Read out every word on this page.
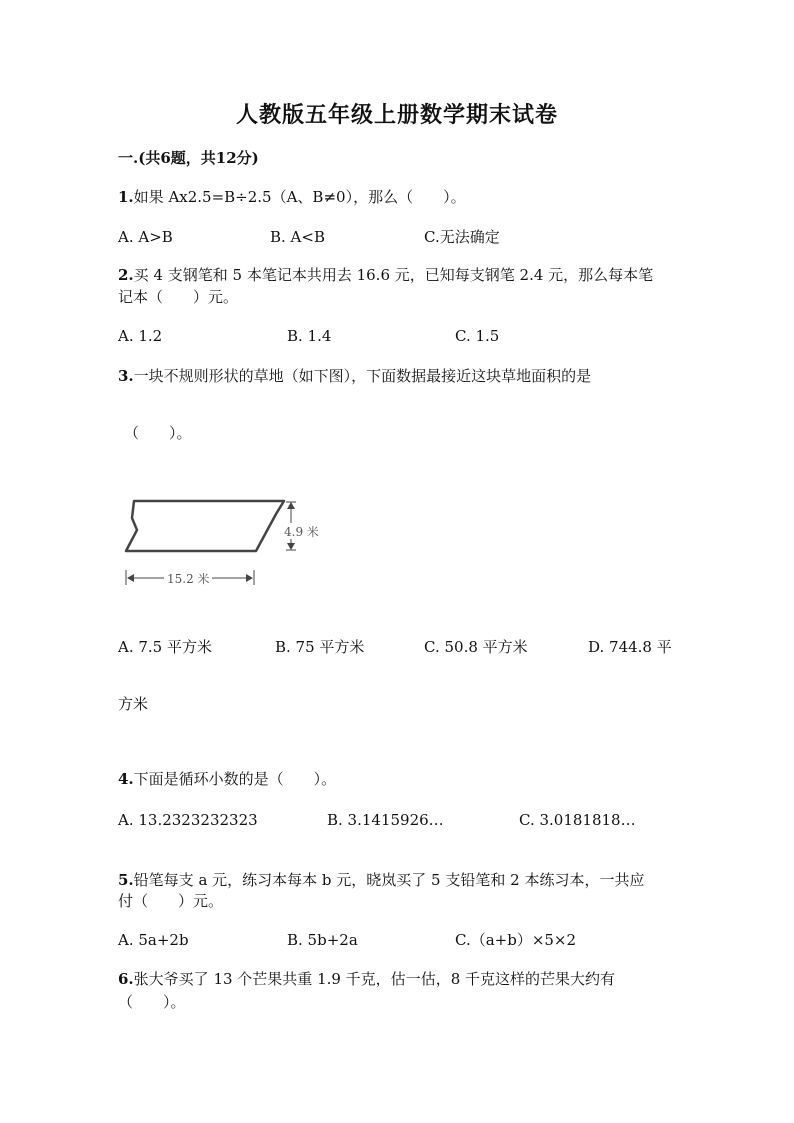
人教版五年级上册数学期末试卷
一.(共6题，共12分)
1.如果 Ax2.5=B÷2.5（A、B≠0），那么（　　）。
A. A>B	B. A<B	C.无法确定
2.买 4 支钢笔和 5 本笔记本共用去 16.6 元，已知每支钢笔 2.4 元，那么每本笔
记本（　　）元。
A. 1.2	B. 1.4	C. 1.5
3.一块不规则形状的草地（如下图），下面数据最接近这块草地面积的是
（　　）。
4.9 米
15.2 米
A. 7.5 平方米	B. 75 平方米	C. 50.8 平方米	D. 744.8 平
方米
4.下面是循环小数的是（　　）。
A. 13.2323232323	B. 3.1415926…	C. 3.0181818…
5.铅笔每支 a 元，练习本每本 b 元，晓岚买了 5 支铅笔和 2 本练习本，一共应
付（　　）元。
A. 5a+2b	B. 5b+2a	C.（a+b）×5×2
6.张大爷买了 13 个芒果共重 1.9 千克，估一估，8 千克这样的芒果大约有
（　　）。
